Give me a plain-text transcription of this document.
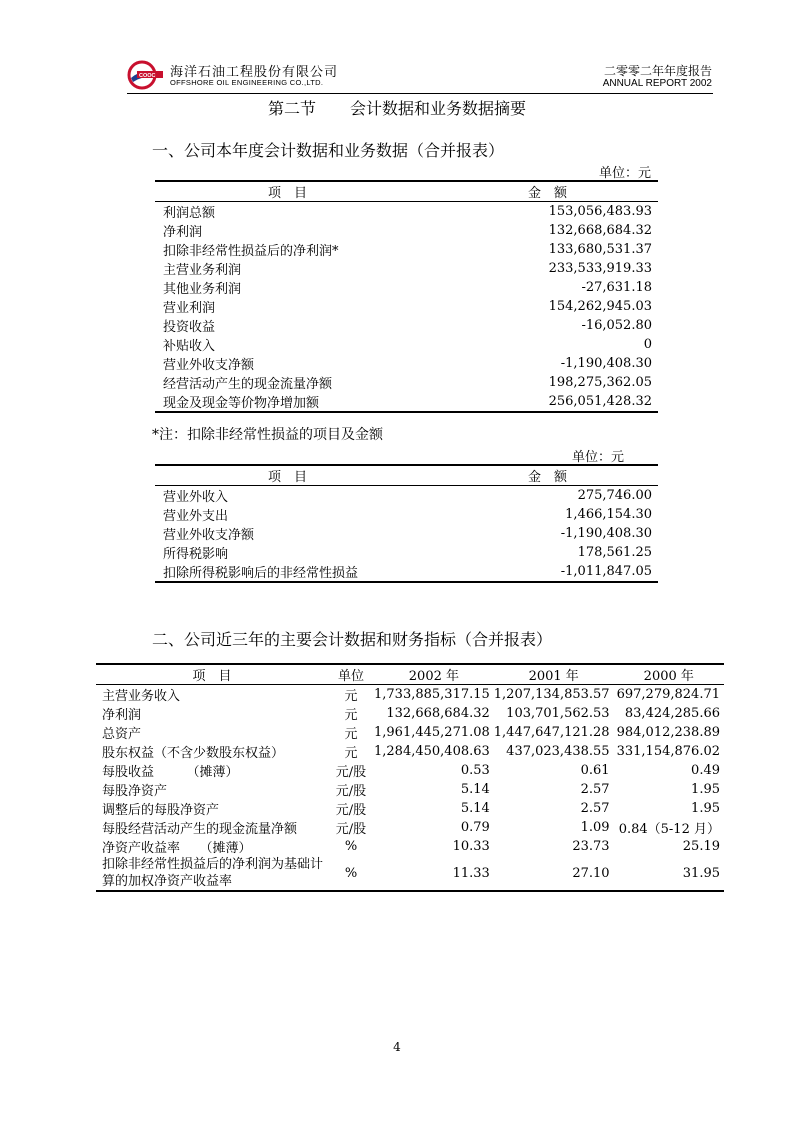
COOC 海洋石油工程股份有限公司
OFFSHORE OIL ENGINEERING CO.,LTD.
二零零二年年度报告
ANNUAL REPORT 2002
第二节 会计数据和业务数据摘要
一、公司本年度会计数据和业务数据（合并报表）
单位：元
项　目	金　额
利润总额	153,056,483.93
净利润	132,668,684.32
扣除非经常性损益后的净利润*	133,680,531.37
主营业务利润	233,533,919.33
其他业务利润	-27,631.18
营业利润	154,262,945.03
投资收益	-16,052.80
补贴收入	0
营业外收支净额	-1,190,408.30
经营活动产生的现金流量净额	198,275,362.05
现金及现金等价物净增加额	256,051,428.32
*注：扣除非经常性损益的项目及金额
单位：元
项　目	金　额
营业外收入	275,746.00
营业外支出	1,466,154.30
营业外收支净额	-1,190,408.30
所得税影响	178,561.25
扣除所得税影响后的非经常性损益	-1,011,847.05
二、公司近三年的主要会计数据和财务指标（合并报表）
项　目	单位	2002 年	2001 年	2000 年
主营业务收入	元	1,733,885,317.15	1,207,134,853.57	697,279,824.71
净利润	元	132,668,684.32	103,701,562.53	83,424,285.66
总资产	元	1,961,445,271.08	1,447,647,121.28	984,012,238.89
股东权益（不含少数股东权益）	元	1,284,450,408.63	437,023,438.55	331,154,876.02
每股收益　　　（摊薄）	元/股	0.53	0.61	0.49
每股净资产	元/股	5.14	2.57	1.95
调整后的每股净资产	元/股	5.14	2.57	1.95
每股经营活动产生的现金流量净额	元/股	0.79	1.09	0.84（5-12 月）
净资产收益率　　（摊薄）	%	10.33	23.73	25.19
扣除非经常性损益后的净利润为基础计算的加权净资产收益率	%	11.33	27.10	31.95
4
